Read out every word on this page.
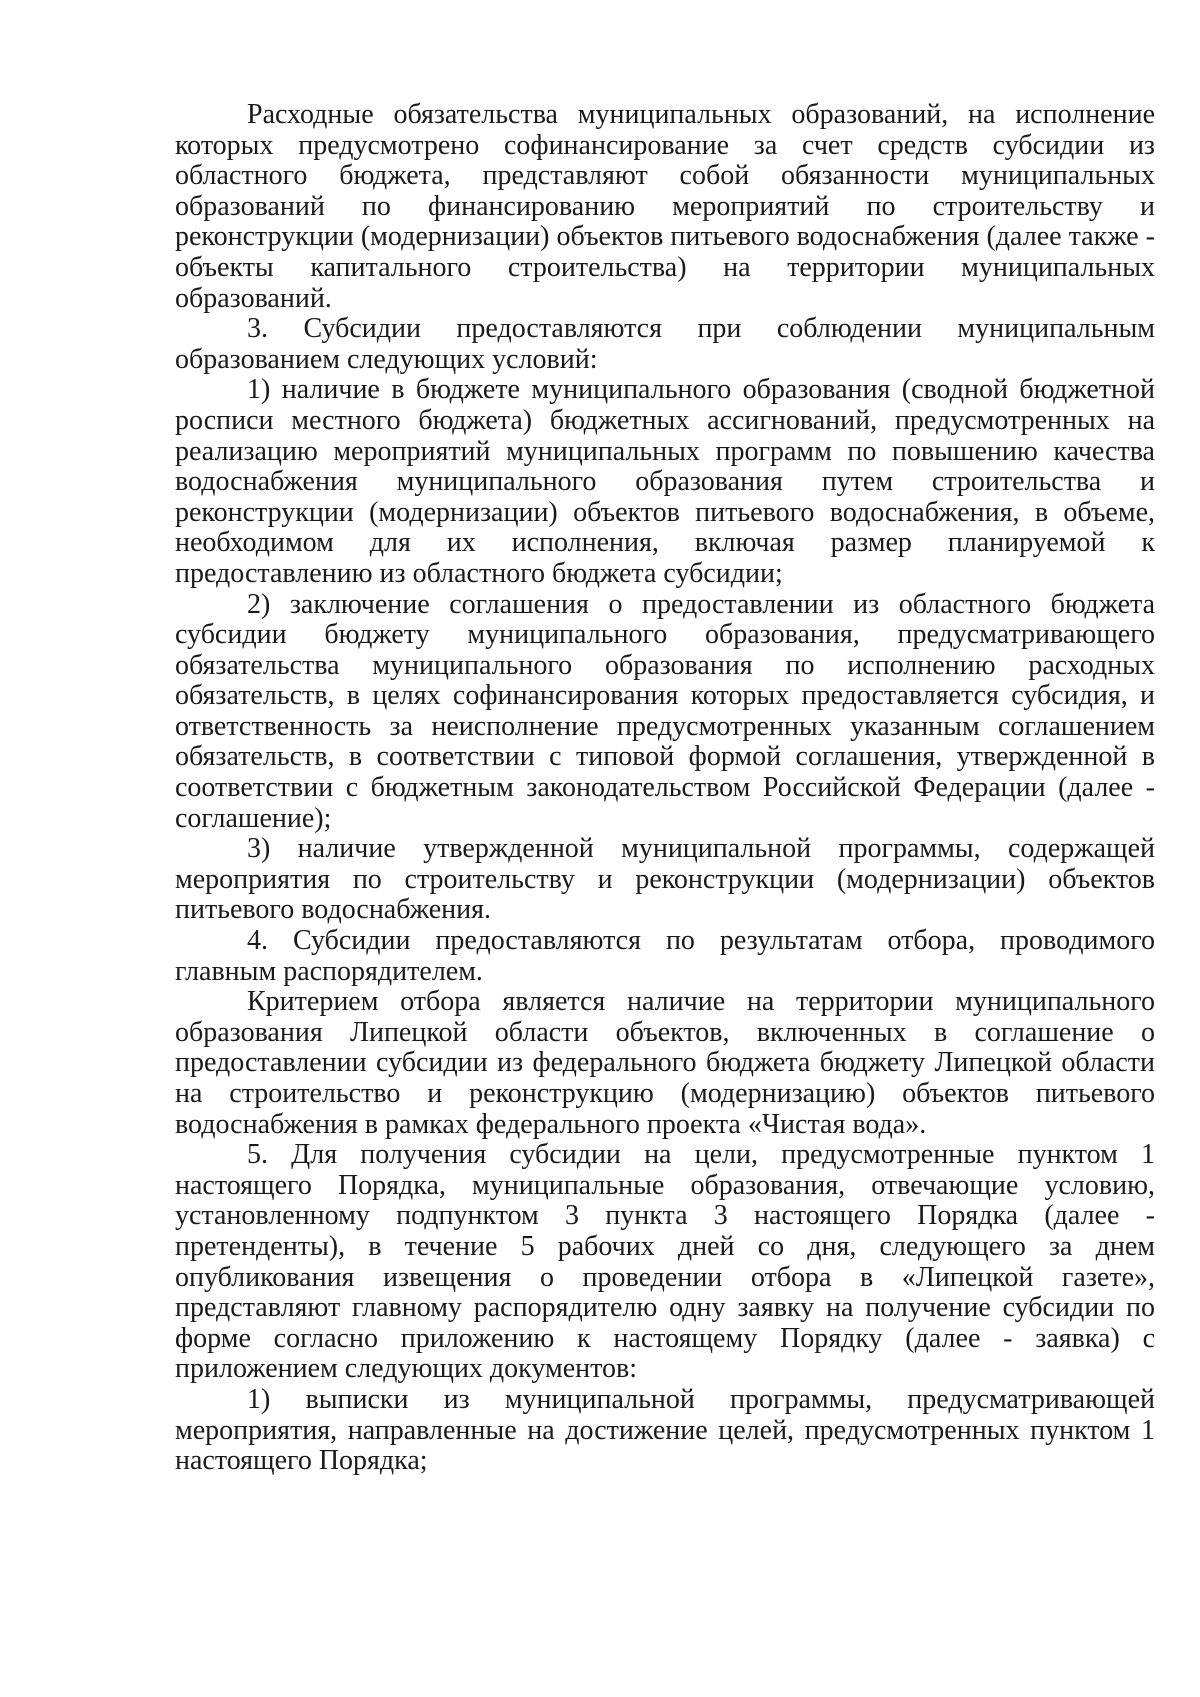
Расходные обязательства муниципальных образований, на исполнение которых предусмотрено софинансирование за счет средств субсидии из областного бюджета, представляют собой обязанности муниципальных образований по финансированию мероприятий по строительству и реконструкции (модернизации) объектов питьевого водоснабжения (далее также - объекты капитального строительства) на территории муниципальных образований.

3. Субсидии предоставляются при соблюдении муниципальным образованием следующих условий:

1) наличие в бюджете муниципального образования (сводной бюджетной росписи местного бюджета) бюджетных ассигнований, предусмотренных на реализацию мероприятий муниципальных программ по повышению качества водоснабжения муниципального образования путем строительства и реконструкции (модернизации) объектов питьевого водоснабжения, в объеме, необходимом для их исполнения, включая размер планируемой к предоставлению из областного бюджета субсидии;

2) заключение соглашения о предоставлении из областного бюджета субсидии бюджету муниципального образования, предусматривающего обязательства муниципального образования по исполнению расходных обязательств, в целях софинансирования которых предоставляется субсидия, и ответственность за неисполнение предусмотренных указанным соглашением обязательств, в соответствии с типовой формой соглашения, утвержденной в соответствии с бюджетным законодательством Российской Федерации (далее - соглашение);

3) наличие утвержденной муниципальной программы, содержащей мероприятия по строительству и реконструкции (модернизации) объектов питьевого водоснабжения.

4. Субсидии предоставляются по результатам отбора, проводимого главным распорядителем.

Критерием отбора является наличие на территории муниципального образования Липецкой области объектов, включенных в соглашение о предоставлении субсидии из федерального бюджета бюджету Липецкой области на строительство и реконструкцию (модернизацию) объектов питьевого водоснабжения в рамках федерального проекта «Чистая вода».

5. Для получения субсидии на цели, предусмотренные пунктом 1 настоящего Порядка, муниципальные образования, отвечающие условию, установленному подпунктом 3 пункта 3 настоящего Порядка (далее - претенденты), в течение 5 рабочих дней со дня, следующего за днем опубликования извещения о проведении отбора в «Липецкой газете», представляют главному распорядителю одну заявку на получение субсидии по форме согласно приложению к настоящему Порядку (далее - заявка) с приложением следующих документов:

1) выписки из муниципальной программы, предусматривающей мероприятия, направленные на достижение целей, предусмотренных пунктом 1 настоящего Порядка;
